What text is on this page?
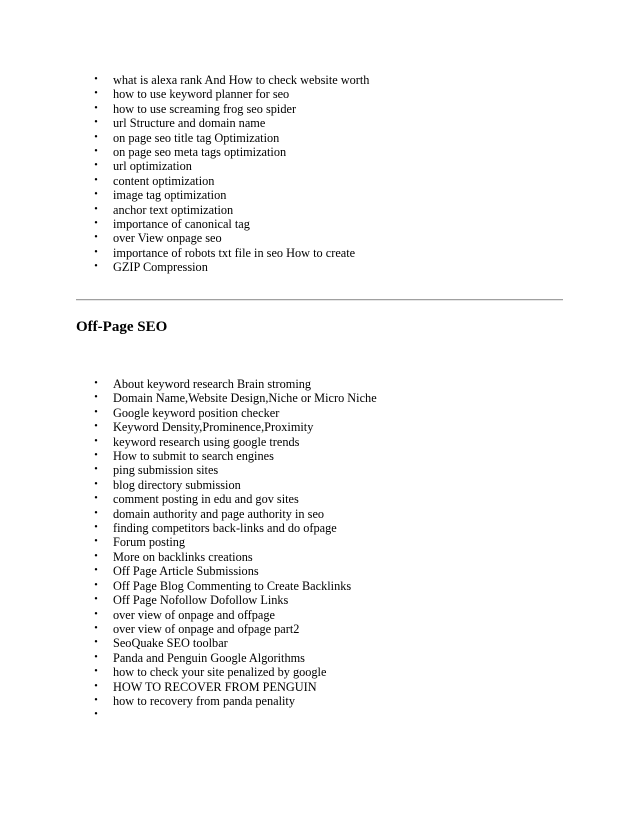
• what is alexa rank And How to check website worth
• how to use keyword planner for seo
• how to use screaming frog seo spider
• url Structure and domain name
• on page seo title tag Optimization
• on page seo meta tags optimization
• url optimization
• content optimization
• image tag optimization
• anchor text optimization
• importance of canonical tag
• over View onpage seo
• importance of robots txt file in seo How to create
• GZIP Compression
Off-Page SEO
• About keyword research Brain stroming
• Domain Name,Website Design,Niche or Micro Niche
• Google keyword position checker
• Keyword Density,Prominence,Proximity
• keyword research using google trends
• How to submit to search engines
• ping submission sites
• blog directory submission
• comment posting in edu and gov sites
• domain authority and page authority in seo
• finding competitors back-links and do ofpage
• Forum posting
• More on backlinks creations
• Off Page Article Submissions
• Off Page Blog Commenting to Create Backlinks
• Off Page Nofollow Dofollow Links
• over view of onpage and offpage
• over view of onpage and ofpage part2
• SeoQuake SEO toolbar
• Panda and Penguin Google Algorithms
• how to check your site penalized by google
• HOW TO RECOVER FROM PENGUIN
• how to recovery from panda penality
•
